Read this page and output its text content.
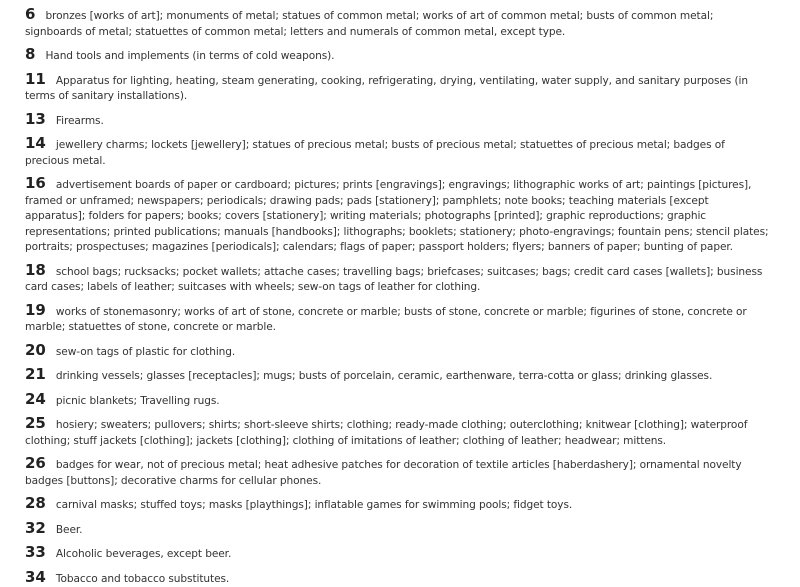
6 bronzes [works of art]; monuments of metal; statues of common metal; works of art of common metal; busts of common metal; signboards of metal; statuettes of common metal; letters and numerals of common metal, except type.
8 Hand tools and implements (in terms of cold weapons).
11 Apparatus for lighting, heating, steam generating, cooking, refrigerating, drying, ventilating, water supply, and sanitary purposes (in terms of sanitary installations).
13 Firearms.
14 jewellery charms; lockets [jewellery]; statues of precious metal; busts of precious metal; statuettes of precious metal; badges of precious metal.
16 advertisement boards of paper or cardboard; pictures; prints [engravings]; engravings; lithographic works of art; paintings [pictures], framed or unframed; newspapers; periodicals; drawing pads; pads [stationery]; pamphlets; note books; teaching materials [except apparatus]; folders for papers; books; covers [stationery]; writing materials; photographs [printed]; graphic reproductions; graphic representations; printed publications; manuals [handbooks]; lithographs; booklets; stationery; photo-engravings; fountain pens; stencil plates; portraits; prospectuses; magazines [periodicals]; calendars; flags of paper; passport holders; flyers; banners of paper; bunting of paper.
18 school bags; rucksacks; pocket wallets; attache cases; travelling bags; briefcases; suitcases; bags; credit card cases [wallets]; business card cases; labels of leather; suitcases with wheels; sew-on tags of leather for clothing.
19 works of stonemasonry; works of art of stone, concrete or marble; busts of stone, concrete or marble; figurines of stone, concrete or marble; statuettes of stone, concrete or marble.
20 sew-on tags of plastic for clothing.
21 drinking vessels; glasses [receptacles]; mugs; busts of porcelain, ceramic, earthenware, terra-cotta or glass; drinking glasses.
24 picnic blankets; Travelling rugs.
25 hosiery; sweaters; pullovers; shirts; short-sleeve shirts; clothing; ready-made clothing; outerclothing; knitwear [clothing]; waterproof clothing; stuff jackets [clothing]; jackets [clothing]; clothing of imitations of leather; clothing of leather; headwear; mittens.
26 badges for wear, not of precious metal; heat adhesive patches for decoration of textile articles [haberdashery]; ornamental novelty badges [buttons]; decorative charms for cellular phones.
28 carnival masks; stuffed toys; masks [playthings]; inflatable games for swimming pools; fidget toys.
32 Beer.
33 Alcoholic beverages, except beer.
34 Tobacco and tobacco substitutes.
